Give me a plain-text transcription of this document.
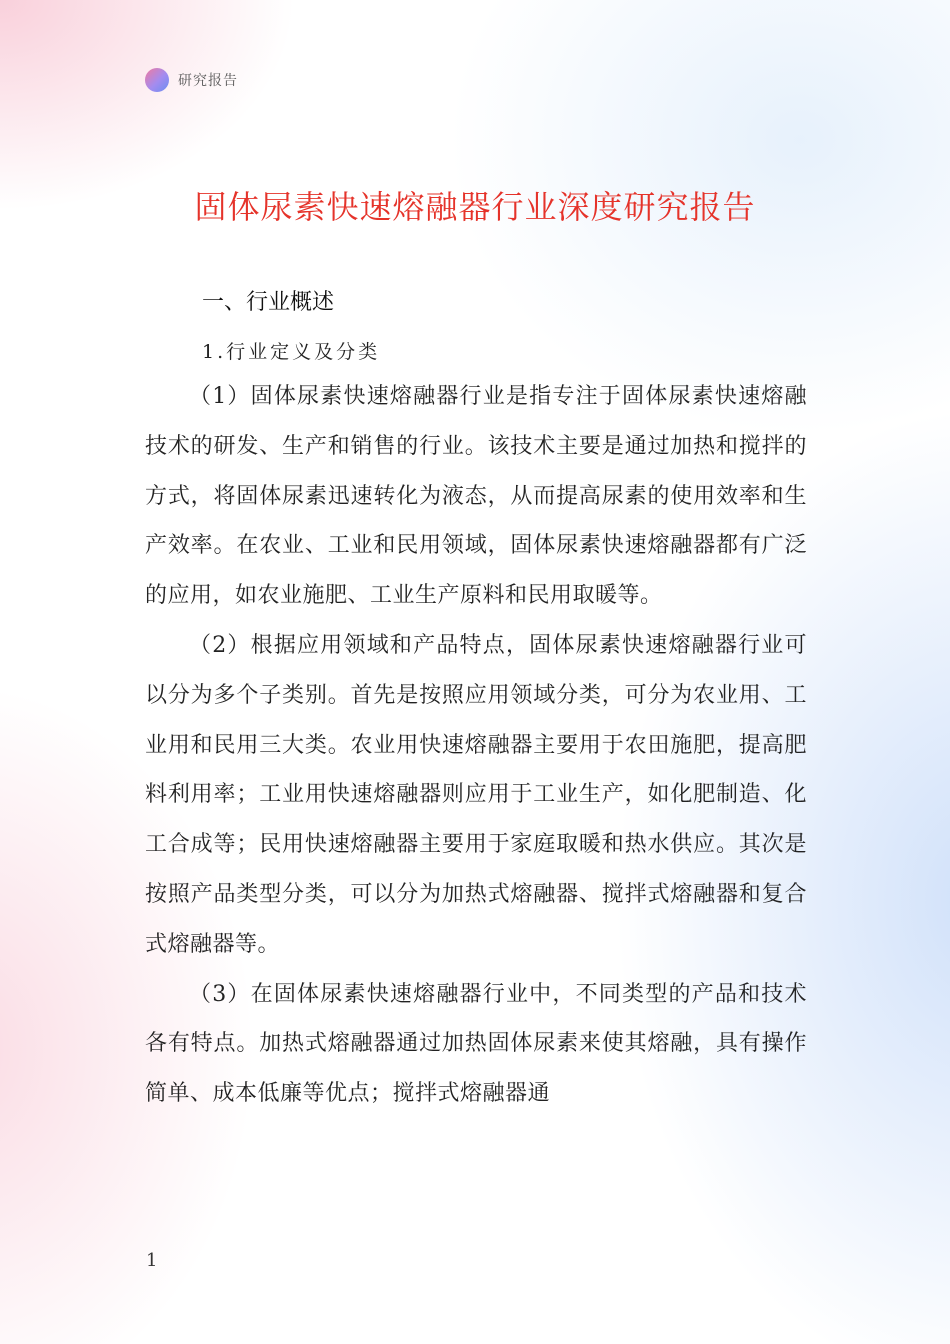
研究报告
固体尿素快速熔融器行业深度研究报告
一、行业概述
1.行业定义及分类

（1）固体尿素快速熔融器行业是指专注于固体尿素快速熔融技术的研发、生产和销售的行业。该技术主要是通过加热和搅拌的方式，将固体尿素迅速转化为液态，从而提高尿素的使用效率和生产效率。在农业、工业和民用领域，固体尿素快速熔融器都有广泛的应用，如农业施肥、工业生产原料和民用取暖等。

（2）根据应用领域和产品特点，固体尿素快速熔融器行业可以分为多个子类别。首先是按照应用领域分类，可分为农业用、工业用和民用三大类。农业用快速熔融器主要用于农田施肥，提高肥料利用率；工业用快速熔融器则应用于工业生产，如化肥制造、化工合成等；民用快速熔融器主要用于家庭取暖和热水供应。其次是按照产品类型分类，可以分为加热式熔融器、搅拌式熔融器和复合式熔融器等。

（3）在固体尿素快速熔融器行业中，不同类型的产品和技术各有特点。加热式熔融器通过加热固体尿素来使其熔融，具有操作简单、成本低廉等优点；搅拌式熔融器通

1
